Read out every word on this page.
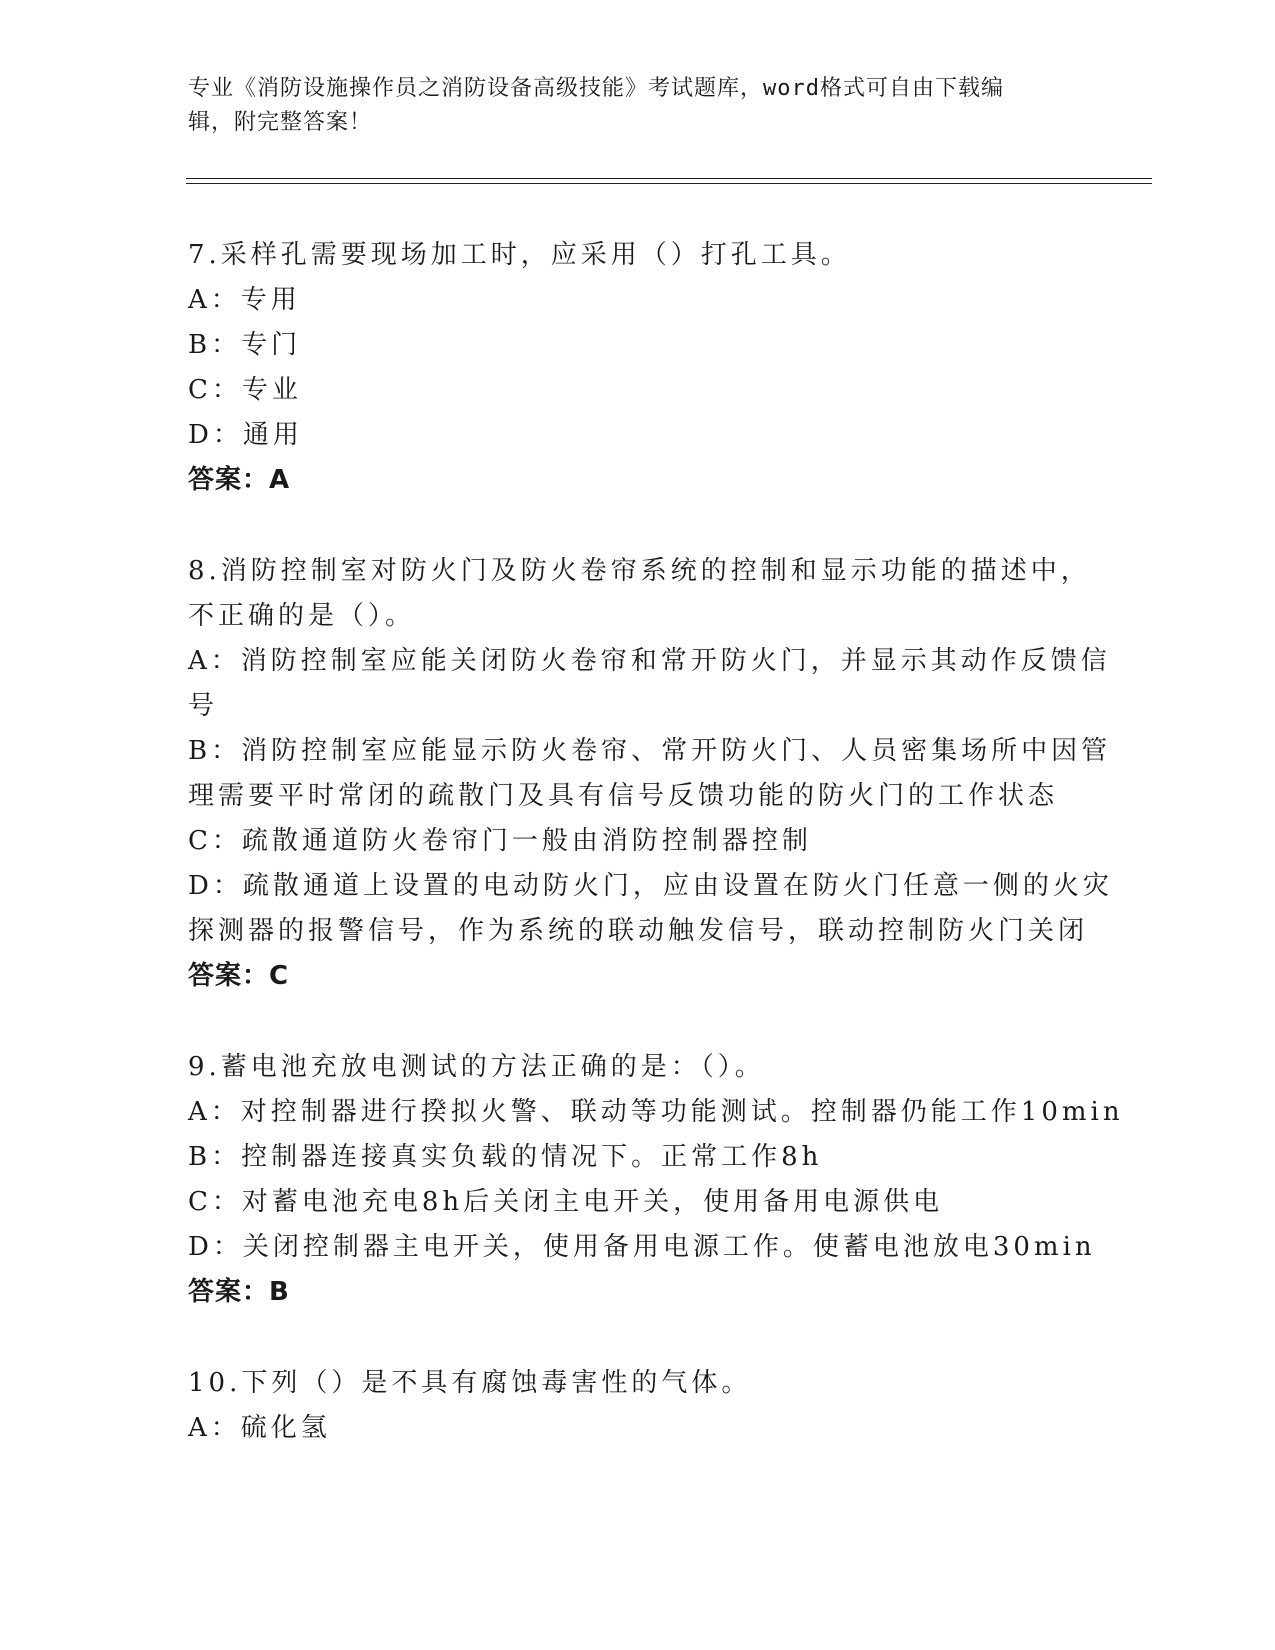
专业《消防设施操作员之消防设备高级技能》考试题库，word格式可自由下载编
辑，附完整答案！
7.采样孔需要现场加工时，应采用（）打孔工具。
A：专用
B：专门
C：专业
D：通用
答案：A
8.消防控制室对防火门及防火卷帘系统的控制和显示功能的描述中，
不正确的是（）。
A：消防控制室应能关闭防火卷帘和常开防火门，并显示其动作反馈信
号
B：消防控制室应能显示防火卷帘、常开防火门、人员密集场所中因管
理需要平时常闭的疏散门及具有信号反馈功能的防火门的工作状态
C：疏散通道防火卷帘门一般由消防控制器控制
D：疏散通道上设置的电动防火门，应由设置在防火门任意一侧的火灾
探测器的报警信号，作为系统的联动触发信号，联动控制防火门关闭
答案：C
9.蓄电池充放电测试的方法正确的是：（）。
A：对控制器进行揆拟火警、联动等功能测试。控制器仍能工作10min
B：控制器连接真实负载的情况下。正常工作8h
C：对蓄电池充电8h后关闭主电开关，使用备用电源供电
D：关闭控制器主电开关，使用备用电源工作。使蓄电池放电30min
答案：B
10.下列（）是不具有腐蚀毒害性的气体。
A：硫化氢
